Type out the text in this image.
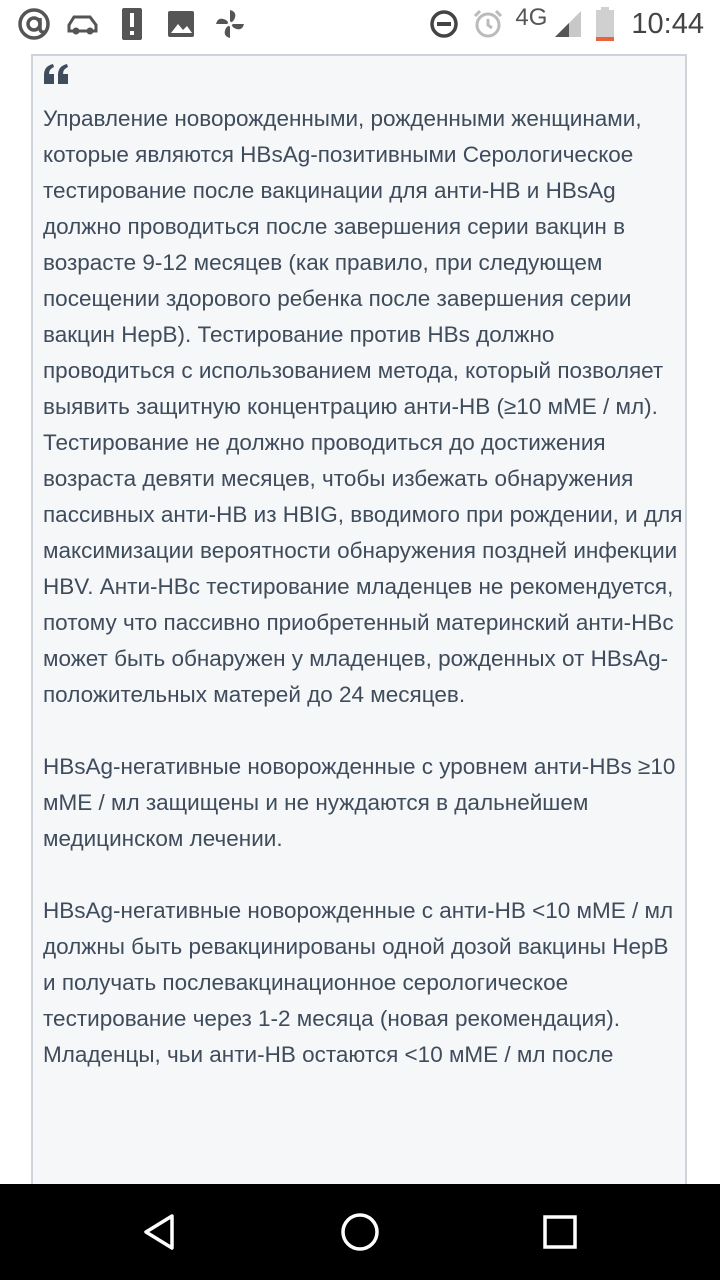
4G	10:44

Управление новорожденными, рожденными женщинами, которые являются HBsAg-позитивными Серологическое тестирование после вакцинации для анти-HB и HBsAg должно проводиться после завершения серии вакцин в возрасте 9-12 месяцев (как правило, при следующем посещении здорового ребенка после завершения серии вакцин HepB). Тестирование против HBs должно проводиться с использованием метода, который позволяет выявить защитную концентрацию анти-HB (≥10 мМЕ / мл). Тестирование не должно проводиться до достижения возраста девяти месяцев, чтобы избежать обнаружения пассивных анти-HB из HBIG, вводимого при рождении, и для максимизации вероятности обнаружения поздней инфекции HBV. Анти-HBc тестирование младенцев не рекомендуется, потому что пассивно приобретенный материнский анти-HBc может быть обнаружен у младенцев, рожденных от HBsAg-положительных матерей до 24 месяцев.

HBsAg-негативные новорожденные с уровнем анти-HBs ≥10 мМЕ / мл защищены и не нуждаются в дальнейшем медицинском лечении.

HBsAg-негативные новорожденные с анти-HB <10 мМЕ / мл должны быть ревакцинированы одной дозой вакцины HepB и получать послевакцинационное серологическое тестирование через 1-2 месяца (новая рекомендация). Младенцы, чьи анти-HB остаются <10 мМЕ / мл после
